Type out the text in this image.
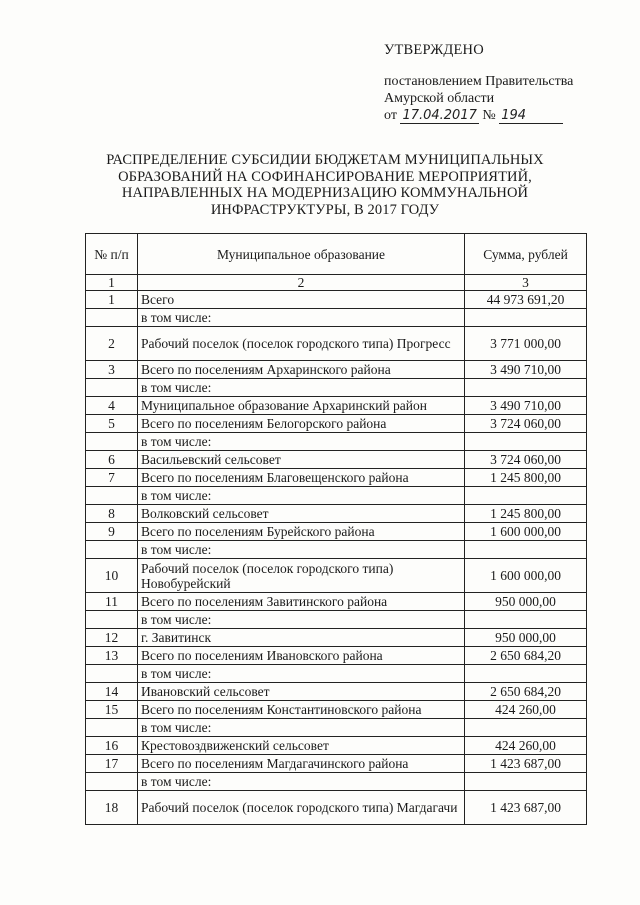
УТВЕРЖДЕНО
постановлением Правительства
Амурской области
от 17.04.2017 № 194
РАСПРЕДЕЛЕНИЕ СУБСИДИИ БЮДЖЕТАМ МУНИЦИПАЛЬНЫХ ОБРАЗОВАНИЙ НА СОФИНАНСИРОВАНИЕ МЕРОПРИЯТИЙ, НАПРАВЛЕННЫХ НА МОДЕРНИЗАЦИЮ КОММУНАЛЬНОЙ ИНФРАСТРУКТУРЫ, В 2017 ГОДУ
№ п/п	Муниципальное образование	Сумма, рублей
1	2	3
1	Всего	44 973 691,20
	в том числе:	
2	Рабочий поселок (поселок городского типа) Прогресс	3 771 000,00
3	Всего по поселениям Архаринского района	3 490 710,00
	в том числе:	
4	Муниципальное образование Архаринский район	3 490 710,00
5	Всего по поселениям Белогорского района	3 724 060,00
	в том числе:	
6	Васильевский сельсовет	3 724 060,00
7	Всего по поселениям Благовещенского района	1 245 800,00
	в том числе:	
8	Волковский сельсовет	1 245 800,00
9	Всего по поселениям Бурейского района	1 600 000,00
	в том числе:	
10	Рабочий поселок (поселок городского типа) Новобурейский	1 600 000,00
11	Всего по поселениям Завитинского района	950 000,00
	в том числе:	
12	г. Завитинск	950 000,00
13	Всего по поселениям Ивановского района	2 650 684,20
	в том числе:	
14	Ивановский сельсовет	2 650 684,20
15	Всего по поселениям Константиновского района	424 260,00
	в том числе:	
16	Крестовоздвиженский сельсовет	424 260,00
17	Всего по поселениям Магдагачинского района	1 423 687,00
	в том числе:	
18	Рабочий поселок (поселок городского типа) Магдагачи	1 423 687,00
